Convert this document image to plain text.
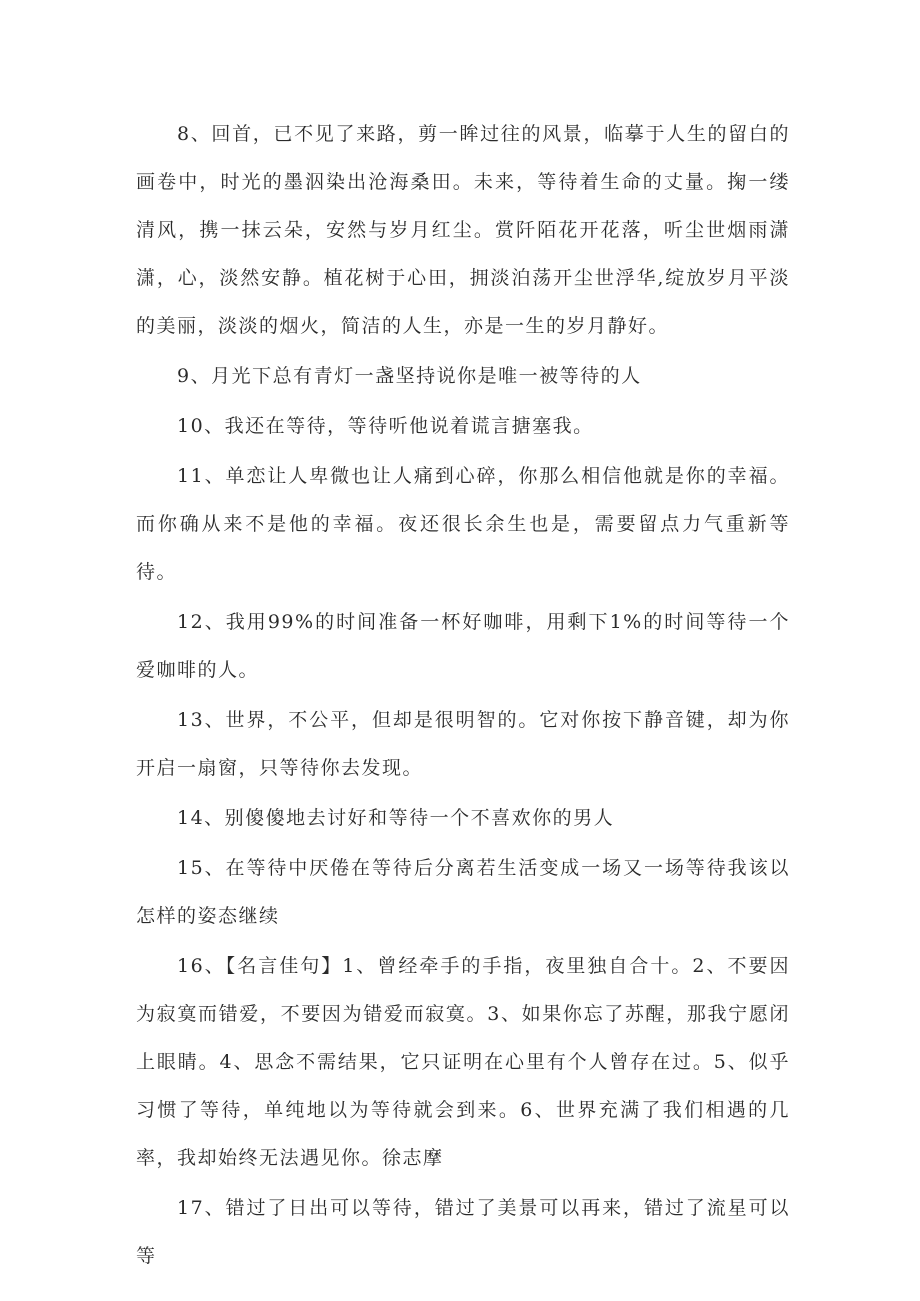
8、回首，已不见了来路，剪一眸过往的风景，临摹于人生的留白的画卷中，时光的墨泅染出沧海桑田。未来，等待着生命的丈量。掬一缕清风，携一抹云朵，安然与岁月红尘。赏阡陌花开花落，听尘世烟雨潇潇，心，淡然安静。植花树于心田，拥淡泊荡开尘世浮华,绽放岁月平淡的美丽，淡淡的烟火，简洁的人生，亦是一生的岁月静好。

9、月光下总有青灯一盏坚持说你是唯一被等待的人

10、我还在等待，等待听他说着谎言搪塞我。

11、单恋让人卑微也让人痛到心碎，你那么相信他就是你的幸福。而你确从来不是他的幸福。夜还很长余生也是，需要留点力气重新等待。

12、我用99%的时间准备一杯好咖啡，用剩下1%的时间等待一个爱咖啡的人。

13、世界，不公平，但却是很明智的。它对你按下静音键，却为你开启一扇窗，只等待你去发现。

14、别傻傻地去讨好和等待一个不喜欢你的男人

15、在等待中厌倦在等待后分离若生活变成一场又一场等待我该以怎样的姿态继续

16、【名言佳句】1、曾经牵手的手指，夜里独自合十。2、不要因为寂寞而错爱，不要因为错爱而寂寞。3、如果你忘了苏醒，那我宁愿闭上眼睛。4、思念不需结果，它只证明在心里有个人曾存在过。5、似乎习惯了等待，单纯地以为等待就会到来。6、世界充满了我们相遇的几率，我却始终无法遇见你。徐志摩

17、错过了日出可以等待，错过了美景可以再来，错过了流星可以等
